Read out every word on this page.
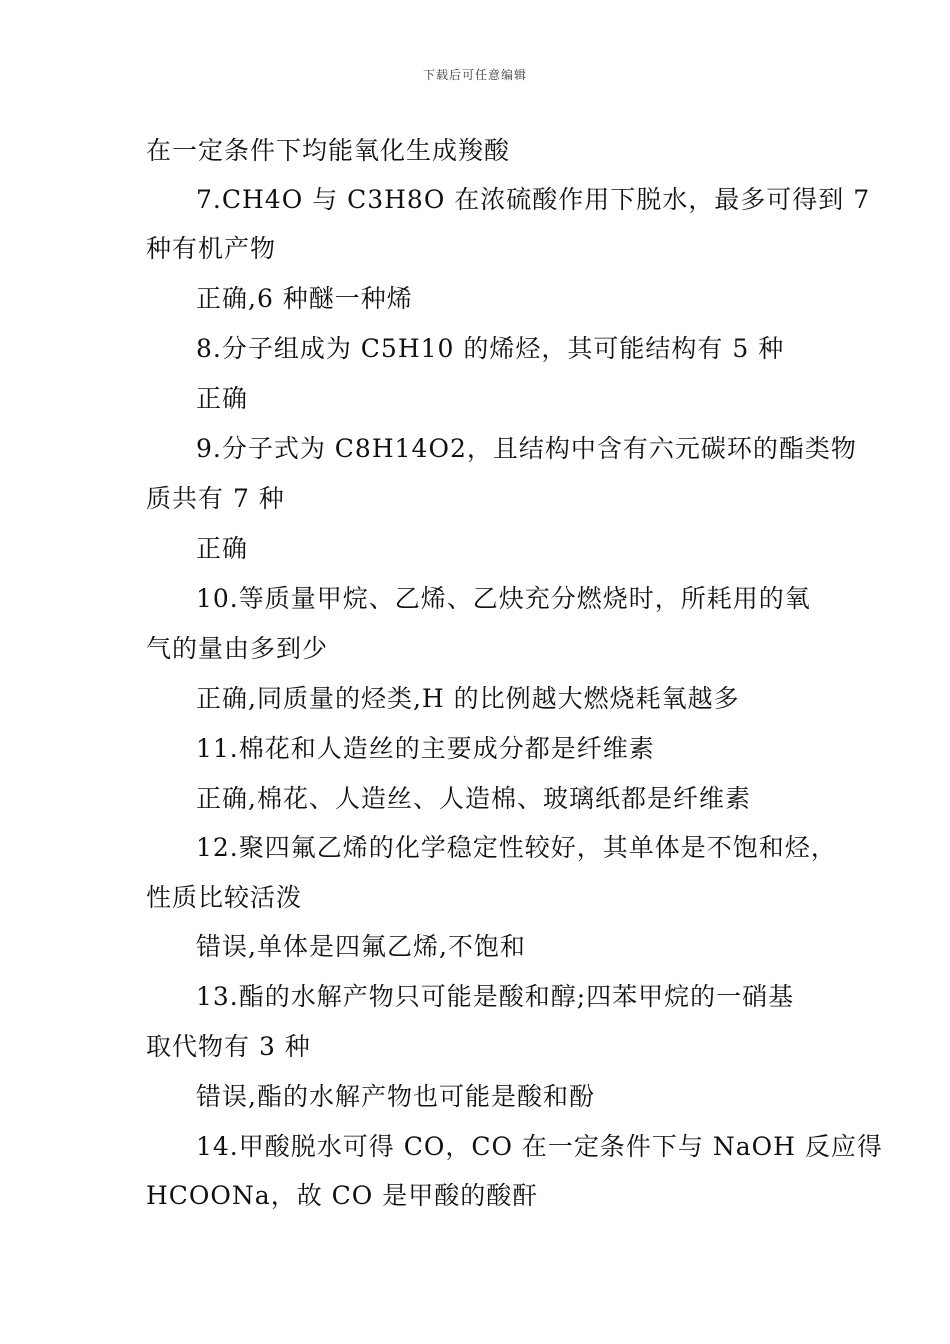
下载后可任意编辑
在一定条件下均能氧化生成羧酸
7.CH4O 与 C3H8O 在浓硫酸作用下脱水，最多可得到 7
种有机产物
正确,6 种醚一种烯
8.分子组成为 C5H10 的烯烃，其可能结构有 5 种
正确
9.分子式为 C8H14O2，且结构中含有六元碳环的酯类物
质共有 7 种
正确
10.等质量甲烷、乙烯、乙炔充分燃烧时，所耗用的氧
气的量由多到少
正确,同质量的烃类,H 的比例越大燃烧耗氧越多
11.棉花和人造丝的主要成分都是纤维素
正确,棉花、人造丝、人造棉、玻璃纸都是纤维素
12.聚四氟乙烯的化学稳定性较好，其单体是不饱和烃，
性质比较活泼
错误,单体是四氟乙烯,不饱和
13.酯的水解产物只可能是酸和醇;四苯甲烷的一硝基
取代物有 3 种
错误,酯的水解产物也可能是酸和酚
14.甲酸脱水可得 CO，CO 在一定条件下与 NaOH 反应得
HCOONa，故 CO 是甲酸的酸酐
